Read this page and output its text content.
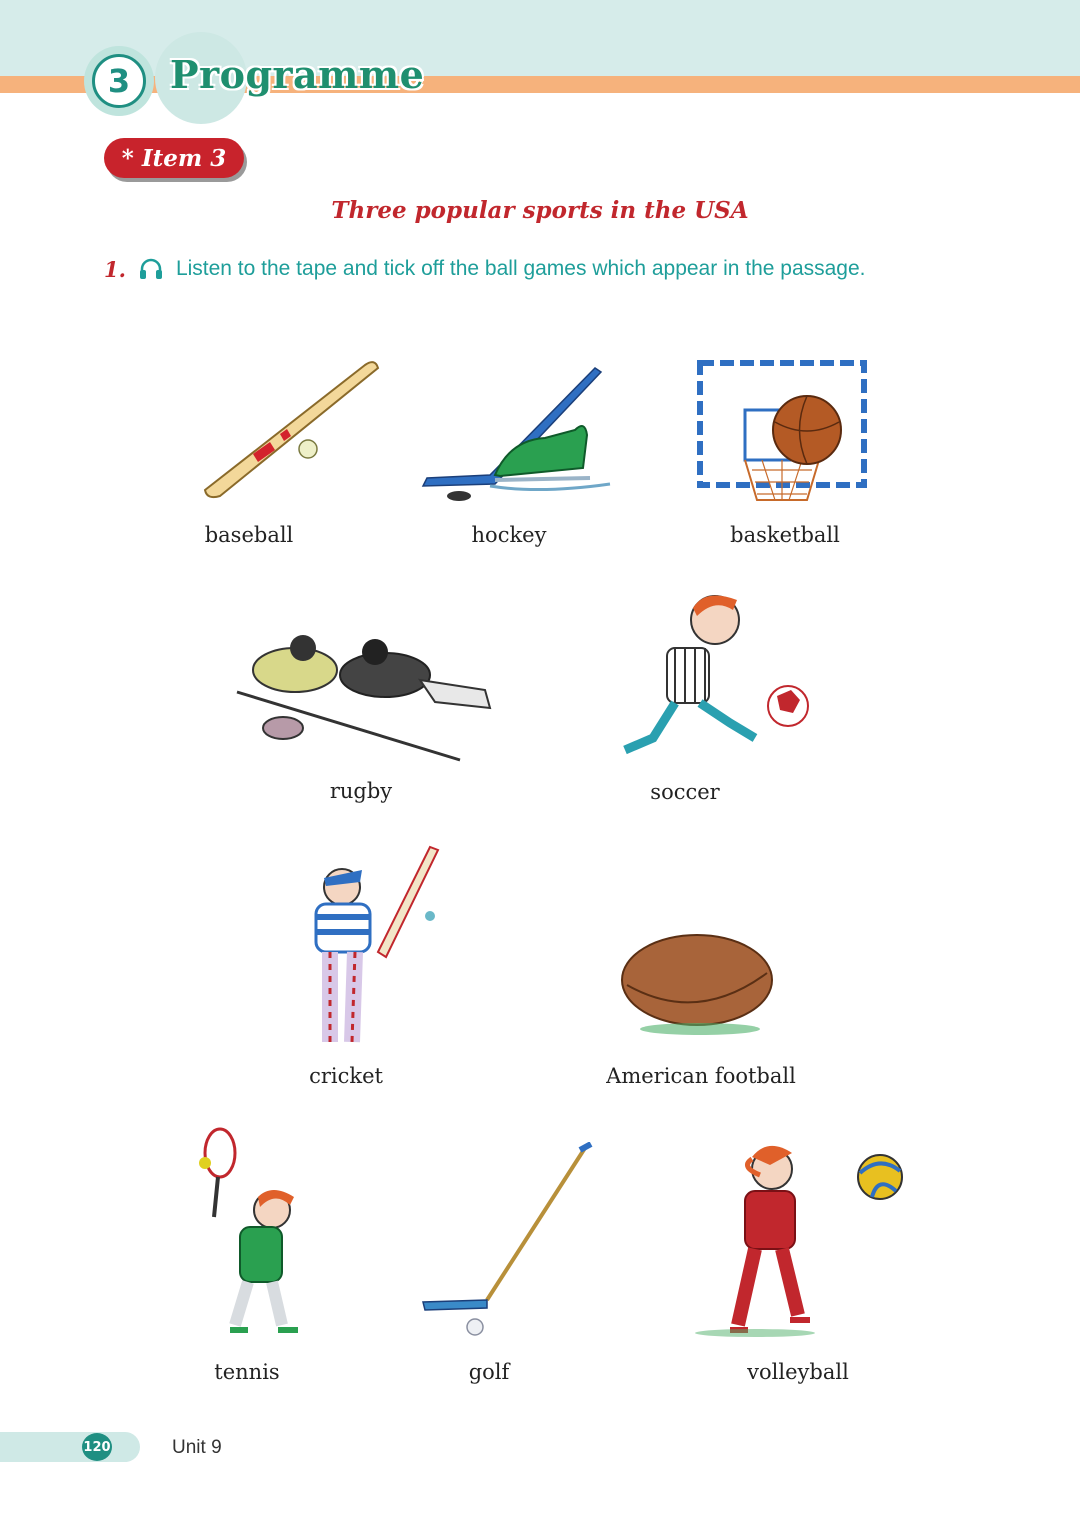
3	Programme
* Item 3
Three popular sports in the USA
1. Listen to the tape and tick off the ball games which appear in the passage.
baseball	hockey	basketball
rugby	soccer
cricket	American football
tennis	golf	volleyball
120	Unit 9
